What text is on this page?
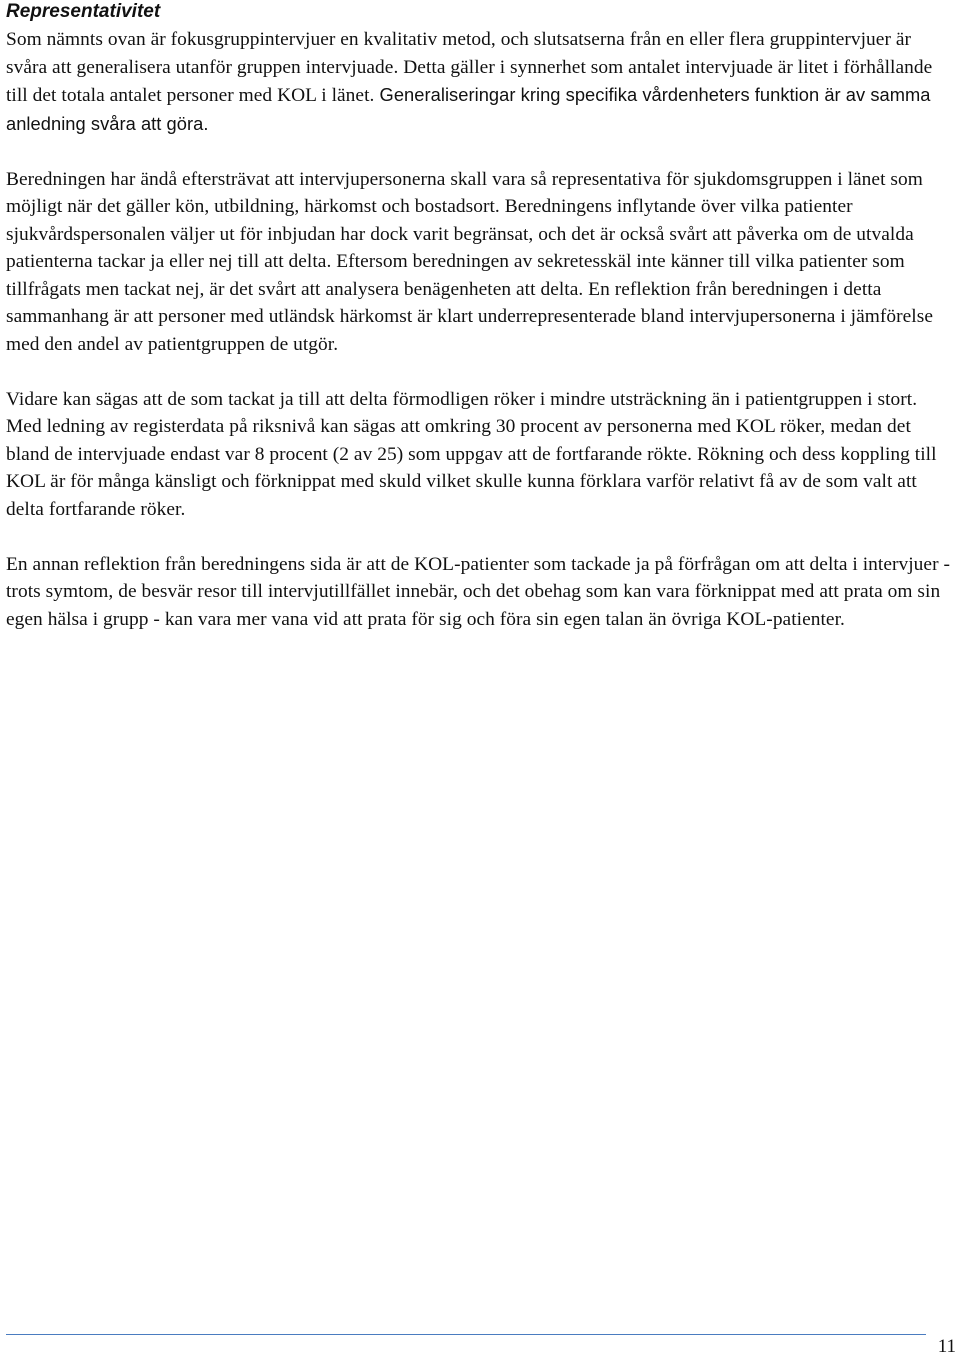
Representativitet

Som nämnts ovan är fokusgruppintervjuer en kvalitativ metod, och slutsatserna från en eller flera gruppintervjuer är svåra att generalisera utanför gruppen intervjuade. Detta gäller i synnerhet som antalet intervjuade är litet i förhållande till det totala antalet personer med KOL i länet. Generaliseringar kring specifika vårdenheters funktion är av samma anledning svåra att göra.

Beredningen har ändå eftersträvat att intervjupersonerna skall vara så representativa för sjukdomsgruppen i länet som möjligt när det gäller kön, utbildning, härkomst och bostadsort. Beredningens inflytande över vilka patienter sjukvårdspersonalen väljer ut för inbjudan har dock varit begränsat, och det är också svårt att påverka om de utvalda patienterna tackar ja eller nej till att delta. Eftersom beredningen av sekretesskäl inte känner till vilka patienter som tillfrågats men tackat nej, är det svårt att analysera benägenheten att delta. En reflektion från beredningen i detta sammanhang är att personer med utländsk härkomst är klart underrepresenterade bland intervjupersonerna i jämförelse med den andel av patientgruppen de utgör.

Vidare kan sägas att de som tackat ja till att delta förmodligen röker i mindre utsträckning än i patientgruppen i stort. Med ledning av registerdata på riksnivå kan sägas att omkring 30 procent av personerna med KOL röker, medan det bland de intervjuade endast var 8 procent (2 av 25) som uppgav att de fortfarande rökte. Rökning och dess koppling till KOL är för många känsligt och förknippat med skuld vilket skulle kunna förklara varför relativt få av de som valt att delta fortfarande röker.

En annan reflektion från beredningens sida är att de KOL-patienter som tackade ja på förfrågan om att delta i intervjuer - trots symtom, de besvär resor till intervjutillfället innebär, och det obehag som kan vara förknippat med att prata om sin egen hälsa i grupp - kan vara mer vana vid att prata för sig och föra sin egen talan än övriga KOL-patienter.

11
